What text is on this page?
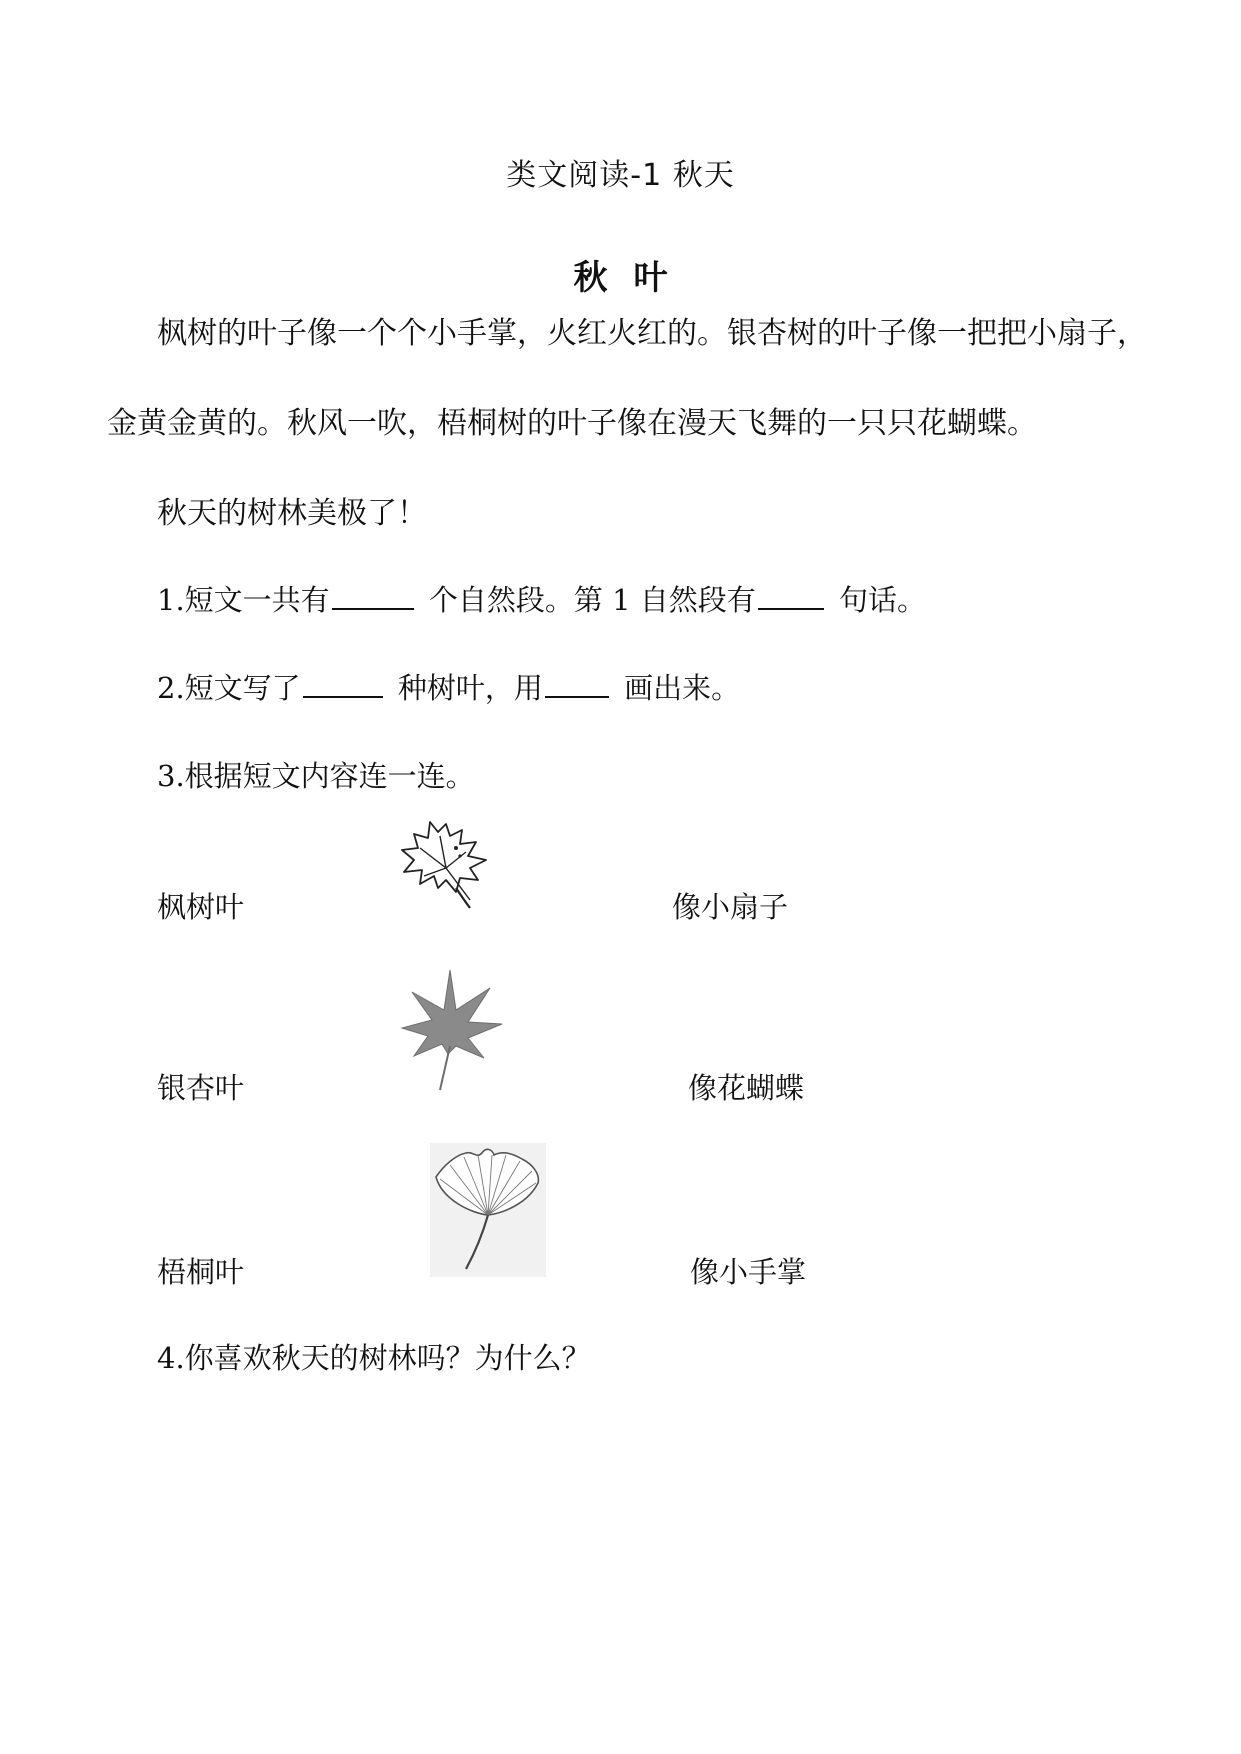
类文阅读-1 秋天
秋叶
枫树的叶子像一个个小手掌，火红火红的。银杏树的叶子像一把把小扇子，
金黄金黄的。秋风一吹，梧桐树的叶子像在漫天飞舞的一只只花蝴蝶。
秋天的树林美极了！
1.短文一共有	个自然段。第 1 自然段有	句话。
2.短文写了	种树叶，用	画出来。
3.根据短文内容连一连。
枫树叶	像小扇子
银杏叶	像花蝴蝶
梧桐叶	像小手掌
4.你喜欢秋天的树林吗？为什么？
